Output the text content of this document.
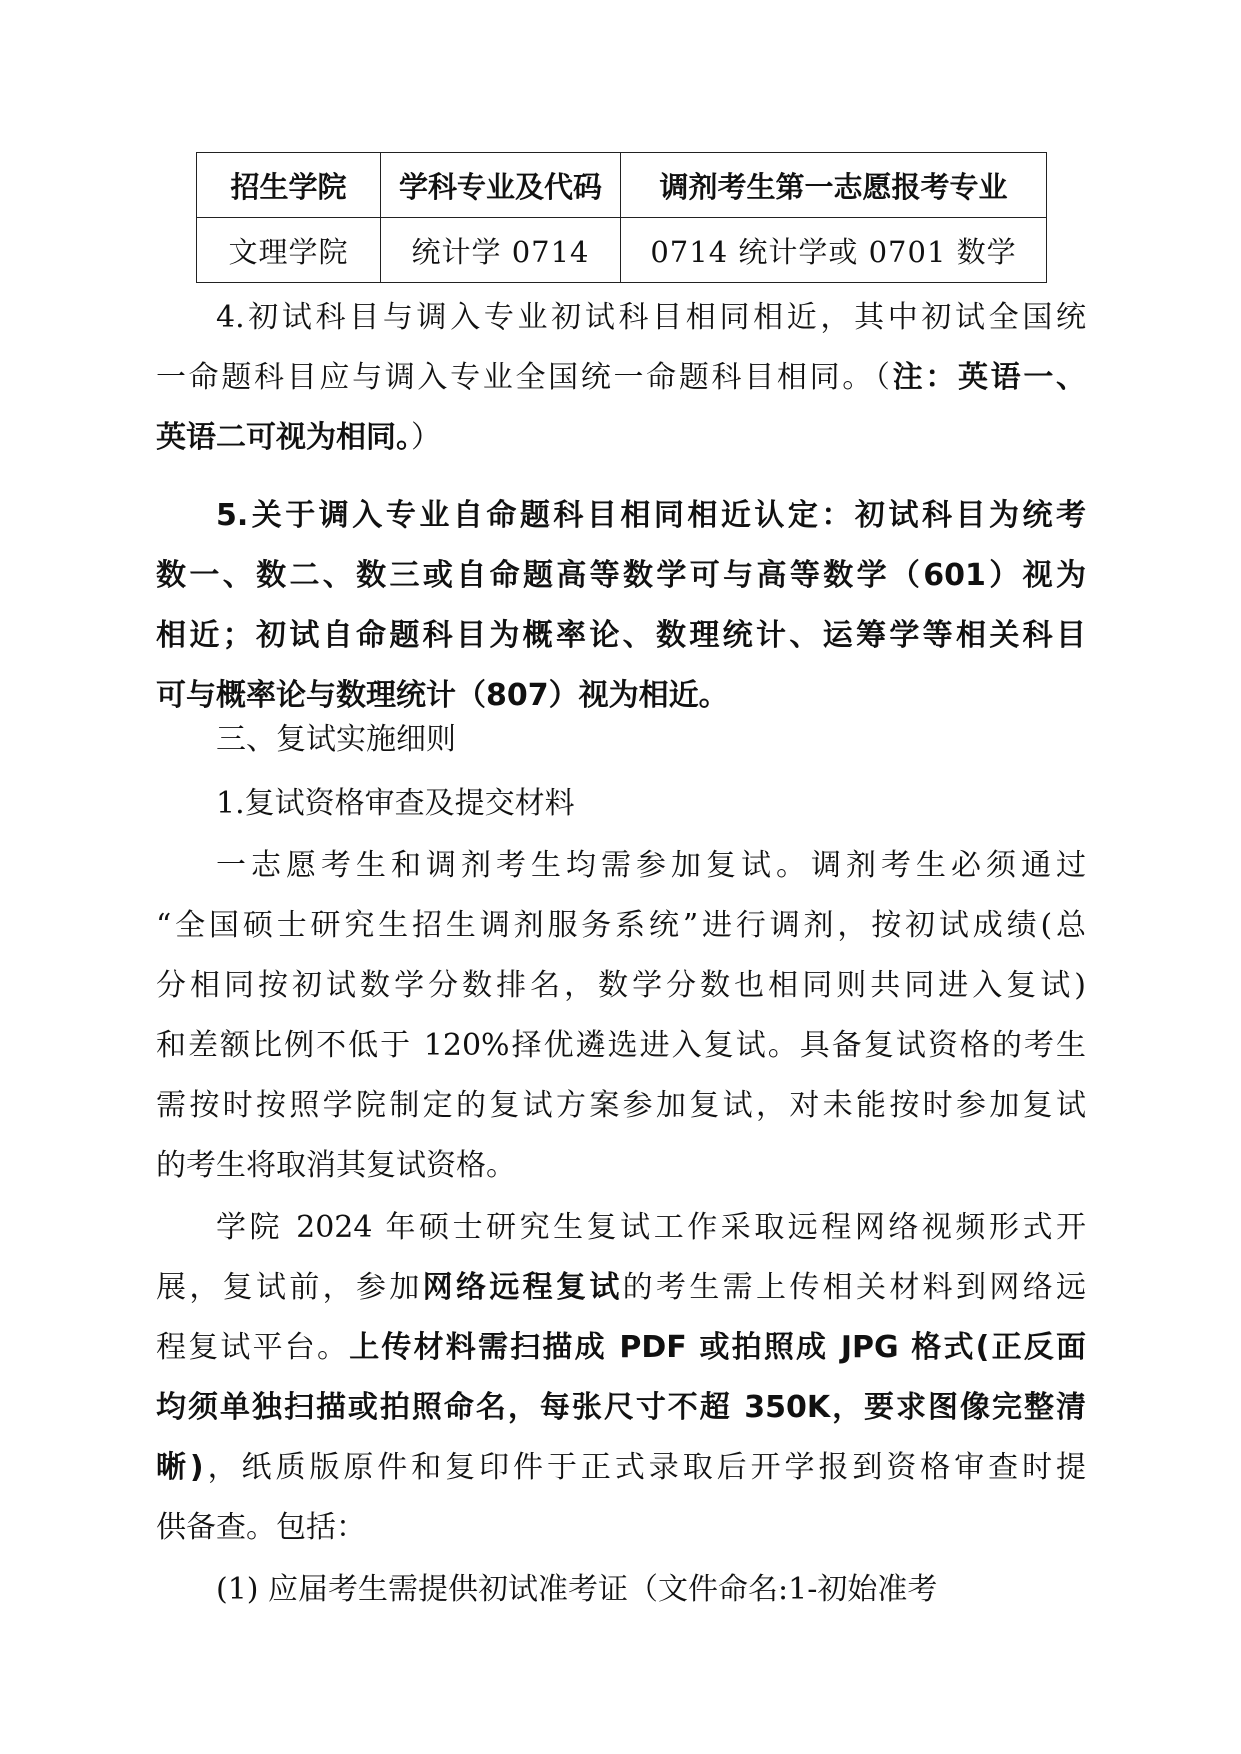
招生学院	学科专业及代码	调剂考生第一志愿报考专业
文理学院	统计学 0714	0714 统计学或 0701 数学
4.初试科目与调入专业初试科目相同相近，其中初试全国统
一命题科目应与调入专业全国统一命题科目相同。（注：英语一、
英语二可视为相同。）
5.关于调入专业自命题科目相同相近认定：初试科目为统考
数一、数二、数三或自命题高等数学可与高等数学（601）视为
相近；初试自命题科目为概率论、数理统计、运筹学等相关科目
可与概率论与数理统计（807）视为相近。
三、复试实施细则
1.复试资格审查及提交材料
一志愿考生和调剂考生均需参加复试。调剂考生必须通过
“全国硕士研究生招生调剂服务系统”进行调剂，按初试成绩(总
分相同按初试数学分数排名，数学分数也相同则共同进入复试)
和差额比例不低于 120%择优遴选进入复试。具备复试资格的考生
需按时按照学院制定的复试方案参加复试，对未能按时参加复试
的考生将取消其复试资格。
学院 2024 年硕士研究生复试工作采取远程网络视频形式开
展，复试前，参加网络远程复试的考生需上传相关材料到网络远
程复试平台。上传材料需扫描成 PDF 或拍照成 JPG 格式(正反面
均须单独扫描或拍照命名，每张尺寸不超 350K，要求图像完整清
晰)，纸质版原件和复印件于正式录取后开学报到资格审查时提
供备查。包括：
(1) 应届考生需提供初试准考证（文件命名:1-初始准考
